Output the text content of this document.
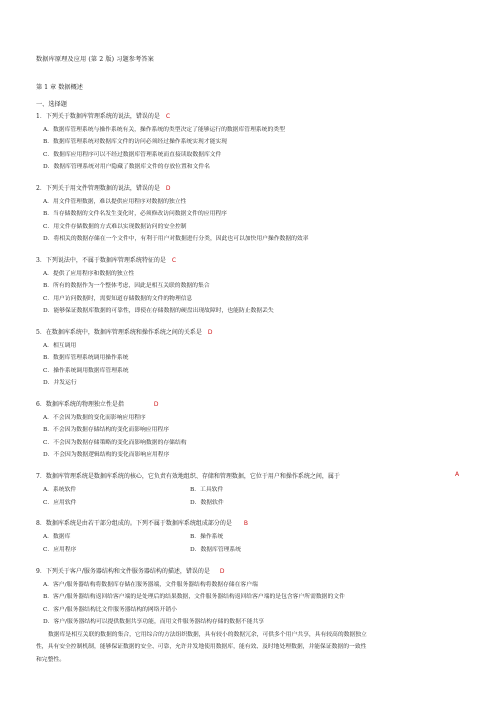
数据库原理及应用 (第 2 版) 习题参考答案
第 1 章 数据概述
一、选择题
1．下列关于数据库管理系统的说法，错误的是 C
A．数据库管理系统与操作系统有关，操作系统的类型决定了能够运行的数据库管理系统的类型
B．数据库管理系统对数据库文件的访问必须经过操作系统实现才能实现
C．数据库应用程序可以不经过数据库管理系统而直接读取数据库文件
D．数据库管理系统对用户隐藏了数据库文件的存放位置和文件名
2．下列关于用文件管理数据的说法，错误的是 D
A．用文件管理数据，难以提供应用程序对数据的独立性
B．当存储数据的文件名发生变化时，必须修改访问数据文件的应用程序
C．用文件存储数据的方式难以实现数据访问的安全控制
D．将相关的数据存储在一个文件中，有利于用户对数据进行分类，因此也可以加快用户操作数据的效率
3．下列说法中，不属于数据库管理系统特征的是 C
A．提供了应用程序和数据的独立性
B．所有的数据作为一个整体考虑，因此是相互关联的数据的集合
C．用户访问数据时，需要知道存储数据的文件的物理信息
D．能够保证数据库数据的可靠性，即使在存储数据的硬盘出现故障时，也能防止数据丢失
5．在数据库系统中，数据库管理系统和操作系统之间的关系是 D
A．相互调用
B．数据库管理系统调用操作系统
C．操作系统调用数据库管理系统
D．并发运行
6．数据库系统的物理独立性是指	D
A．不会因为数据的变化而影响应用程序
B．不会因为数据存储结构的变化而影响应用程序
C．不会因为数据存储策略的变化而影响数据的存储结构
D．不会因为数据逻辑结构的变化而影响应用程序
7．数据库管理系统是数据库系统的核心，它负责有效地组织、存储和管理数据，它位于用户和操作系统之间，属于	A
A．系统软件	B．工具软件
C．应用软件	D．数据软件
8．数据库系统是由若干部分组成的。下列不属于数据库系统组成部分的是 B
A．数据库	B．操作系统
C．应用程序	D．数据库管理系统
9．下列关于客户/服务器结构和文件服务器结构的描述，错误的是 D
A．客户/服务器结构将数据库存储在服务器端，文件服务器结构将数据存储在客户端
B．客户/服务器结构返回给客户端的是处理后的结果数据，文件服务器结构返回给客户端的是包含客户所需数据的文件
C．客户/服务器结构比文件服务器结构的网络开销小
D．客户/服务器结构可以提供数据共享功能，而用文件服务器结构存储的数据不能共享
数据库是相互关联的数据的集合，它用综合的方法组织数据，具有较小的数据冗余，可供多个用户共享，具有较高的数据独立
性，具有安全控制机制，能够保证数据的安全、可靠，允许并发地使用数据库，能有效、及时地处理数据，并能保证数据的一致性
和完整性。
